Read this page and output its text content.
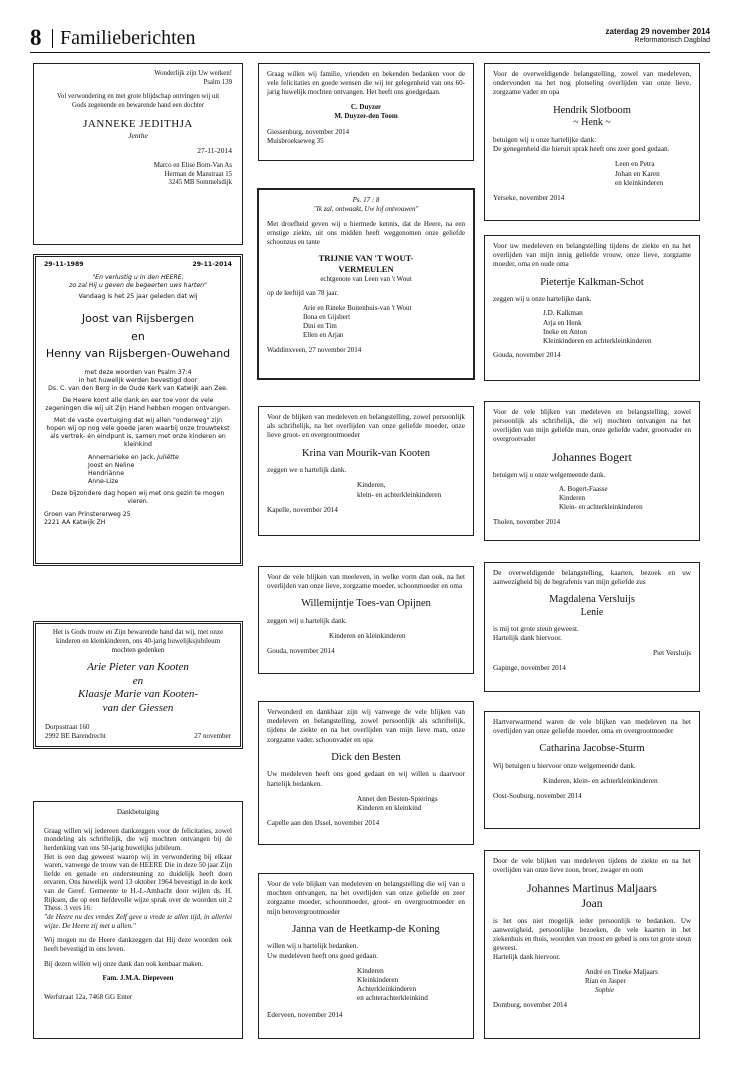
8 Familieberichten	zaterdag 29 november 2014
Reformatorisch Dagblad
Wonderlijk zijn Uw werken!
Psalm 139
Vol verwondering en met grote blijdschap ontvingen wij uit
Gods zegenende en bewarende hand een dochter
JANNEKE JEDITHJA
Jenthe
27-11-2014
Marco en Elise Born-Van As
Herman de Manstraat 15
3245 MB Sommelsdijk
29-11-1989	29-11-2014
"En verlustig u in den HEERE,
zo zal Hij u geven de begeerten uws harten"
Vandaag is het 25 jaar geleden dat wij
Joost van Rijsbergen
en
Henny van Rijsbergen-Ouwehand
met deze woorden van Psalm 37:4
in het huwelijk werden bevestigd door
Ds. C. van den Berg in de Oude Kerk van Katwijk aan Zee.
De Heere komt alle dank en eer toe voor de vele zegeningen die wij uit Zijn Hand hebben mogen ontvangen.
Met de vaste overtuiging dat wij allen "onderweg" zijn hopen wij op nog vele goede jaren waarbij onze trouwtekst als vertrek- én eindpunt is, samen met onze kinderen en kleinkind
Annemarieke en Jack, Juliëtte
Joost en Neline
Hendriänne
Anne-Lize
Deze bijzondere dag hopen wij met ons gezin te mogen vieren.
Groen van Prinstererweg 25
2221 AA Katwijk ZH
Het is Gods trouw en Zijn bewarende hand dat wij, met onze kinderen en kleinkinderen, ons 40-jarig huwelijksjubileum mochten gedenken
Arie Pieter van Kooten
en
Klaasje Marie van Kooten-
van der Giessen
Dorpsstraat 160
2992 BE Barendrecht	27 november
Dankbetuiging
Graag willen wij iedereen dankzeggen voor de felicitaties, zowel mondeling als schriftelijk, die wij mochten ontvangen bij de herdenking van ons 50-jarig huwelijks jubileum.
Het is een dag geweest waarop wij in verwondering bij elkaar waren, vanwege de trouw van de HEERE Die in deze 50 jaar Zijn liefde en genade en ondersteuning zo duidelijk heeft doen ervaren. Ons huwelijk werd 13 oktober 1964 bevestigd in de kerk van de Geref. Gemeente te H.-I.-Ambacht door wijlen ds. H. Rijksen, die op een liefdevolle wijze sprak over de woorden uit 2 Thess. 3 vers 16:
"de Heere nu des vredes Zelf geve u vrede te allen tijd, in allerlei wijze. De Heere zij met u allen."
Wij mogen nu de Heere dankzeggen dat Hij deze woorden ook heeft bevestigd in ons leven.
Bij dezen willen wij onze dank dan ook kenbaar maken.
Fam. J.M.A. Diepeveen
Werfstraat 12a, 7468 GG Enter
Graag willen wij familie, vrienden en bekenden bedanken voor de vele felicitaties en goede wensen die wij ter gelegenheid van ons 60-jarig huwelijk mochten ontvangen. Het heeft ons goedgedaan.
C. Duyzer
M. Duyzer-den Toom
Giessenburg, november 2014
Muisbroekseweg 35
Ps. 17 : 8
"Ik zal, ontwaakt, Uw lof ontvouwen"
Met droefheid geven wij u hiermede kennis, dat de Heere, na een ernstige ziekte, uit ons midden heeft weggenomen onze geliefde schoonzus en tante
TRIJNIE VAN 'T WOUT-
VERMEULEN
echtgenote van Leen van 't Wout
op de leeftijd van 78 jaar.
Arie en Rineke Buitenhuis-van 't Wout
Ilona en Gijsbert
Dini en Tim
Ellen en Arjan
Waddinxveen, 27 november 2014
Voor de blijken van medeleven en belangstelling, zowel persoonlijk als schriftelijk, na het overlijden van onze geliefde moeder, onze lieve groot- en overgrootmoeder
Krina van Mourik-van Kooten
zeggen we u hartelijk dank.
Kinderen,
klein- en achterkleinkinderen
Kapelle, november 2014
Voor de vele blijken van meeleven, in welke vorm dan ook, na het overlijden van onze lieve, zorgzame moeder, schoonmoeder en oma
Willemijntje Toes-van Opijnen
zeggen wij u hartelijk dank.
Kinderen en kleinkinderen
Gouda, november 2014
Verwonderd en dankbaar zijn wij vanwege de vele blijken van medeleven en belangstelling, zowel persoonlijk als schriftelijk, tijdens de ziekte en na het overlijden van mijn lieve man, onze zorgzame vader, schoonvader en opa
Dick den Besten
Uw medeleven heeft ons goed gedaan en wij willen u daarvoor hartelijk bedanken.
Annet den Besten-Spierings
Kinderen en kleinkind
Capelle aan den IJssel, november 2014
Voor de vele blijken van medeleven en belangstelling die wij van u mochten ontvangen, na het overlijden van onze geliefde en zeer zorgzame moeder, schoonmoeder, groot- en overgrootmoeder en mijn betovergrootmoeder
Janna van de Heetkamp-de Koning
willen wij u hartelijk bedanken.
Uw medeleven heeft ons goed gedaan.
Kinderen
Kleinkinderen
Achterkleinkinderen
en achterachterkleinkind
Ederveen, november 2014
Voor de overweldigende belangstelling, zowel van medeleven, ondervonden na het nog plotseling overlijden van onze lieve, zorgzame vader en opa
Hendrik Slotboom
~ Henk ~
betuigen wij u onze hartelijke dank.
De genegenheid die hieruit sprak heeft ons zeer goed gedaan.
Leen en Petra
Johan en Karen
en kleinkinderen
Yerseke, november 2014
Voor uw medeleven en belangstelling tijdens de ziekte en na het overlijden van mijn innig geliefde vrouw, onze lieve, zorgzame moeder, oma en oude oma
Pietertje Kalkman-Schot
zeggen wij u onze hartelijke dank.
J.D. Kalkman
Arja en Henk
Ineke en Anton
Kleinkinderen en achterkleinkinderen
Gouda, november 2014
Voor de vele blijken van medeleven en belangstelling, zowel persoonlijk als schriftelijk, die wij mochten ontvangen na het overlijden van mijn geliefde man, onze geliefde vader, grootvader en overgrootvader
Johannes Bogert
betuigen wij u onze welgemeende dank.
A. Bogert-Faasse
Kinderen
Klein- en achterkleinkinderen
Tholen, november 2014
De overweldigende belangstelling, kaarten, bezoek en uw aanwezigheid bij de begrafenis van mijn geliefde zus
Magdalena Versluijs
Lenie
is mij tot grote steun geweest.
Hartelijk dank hiervoor.
Piet Versluijs
Gapinge, november 2014
Hartverwarmend waren de vele blijken van medeleven na het overlijden van onze geliefde moeder, oma en overgrootmoeder
Catharina Jacobse-Sturm
Wij betuigen u hiervoor onze welgemeende dank.
Kinderen, klein- en achterkleinkinderen
Oost-Souburg, november 2014
Door de vele blijken van medeleven tijdens de ziekte en na het overlijden van onze lieve zoon, broer, zwager en oom
Johannes Martinus Maljaars
Joan
is het ons niet mogelijk ieder persoonlijk te bedanken. Uw aanwezigheid, persoonlijke bezoeken, de vele kaarten in het ziekenhuis en thuis, woorden van troost en gebed is ons tot grote steun geweest.
Hartelijk dank hiervoor.
André en Tineke Maljaars
Rian en Jasper
Sophie
Domburg, november 2014
